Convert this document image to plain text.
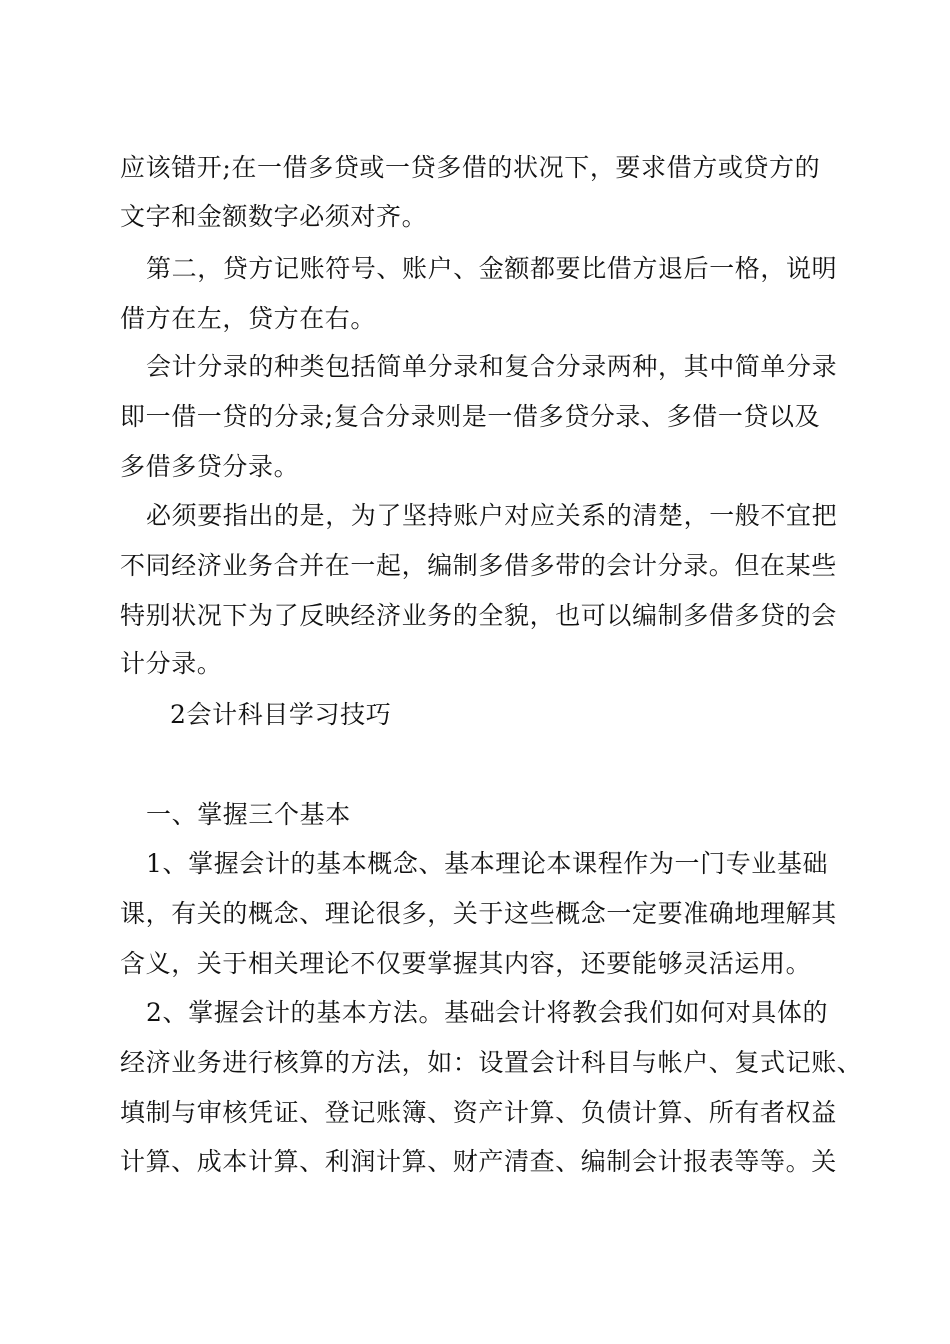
应该错开;在一借多贷或一贷多借的状况下，要求借方或贷方的
文字和金额数字必须对齐。
第二，贷方记账符号、账户、金额都要比借方退后一格，说明
借方在左，贷方在右。
会计分录的种类包括简单分录和复合分录两种，其中简单分录
即一借一贷的分录;复合分录则是一借多贷分录、多借一贷以及
多借多贷分录。
必须要指出的是，为了坚持账户对应关系的清楚，一般不宜把
不同经济业务合并在一起，编制多借多带的会计分录。但在某些
特别状况下为了反映经济业务的全貌，也可以编制多借多贷的会
计分录。
2会计科目学习技巧
一、掌握三个基本
1、掌握会计的基本概念、基本理论本课程作为一门专业基础
课，有关的概念、理论很多，关于这些概念一定要准确地理解其
含义，关于相关理论不仅要掌握其内容，还要能够灵活运用。
2、掌握会计的基本方法。基础会计将教会我们如何对具体的
经济业务进行核算的方法，如：设置会计科目与帐户、复式记账、
填制与审核凭证、登记账簿、资产计算、负债计算、所有者权益
计算、成本计算、利润计算、财产清查、编制会计报表等等。关
